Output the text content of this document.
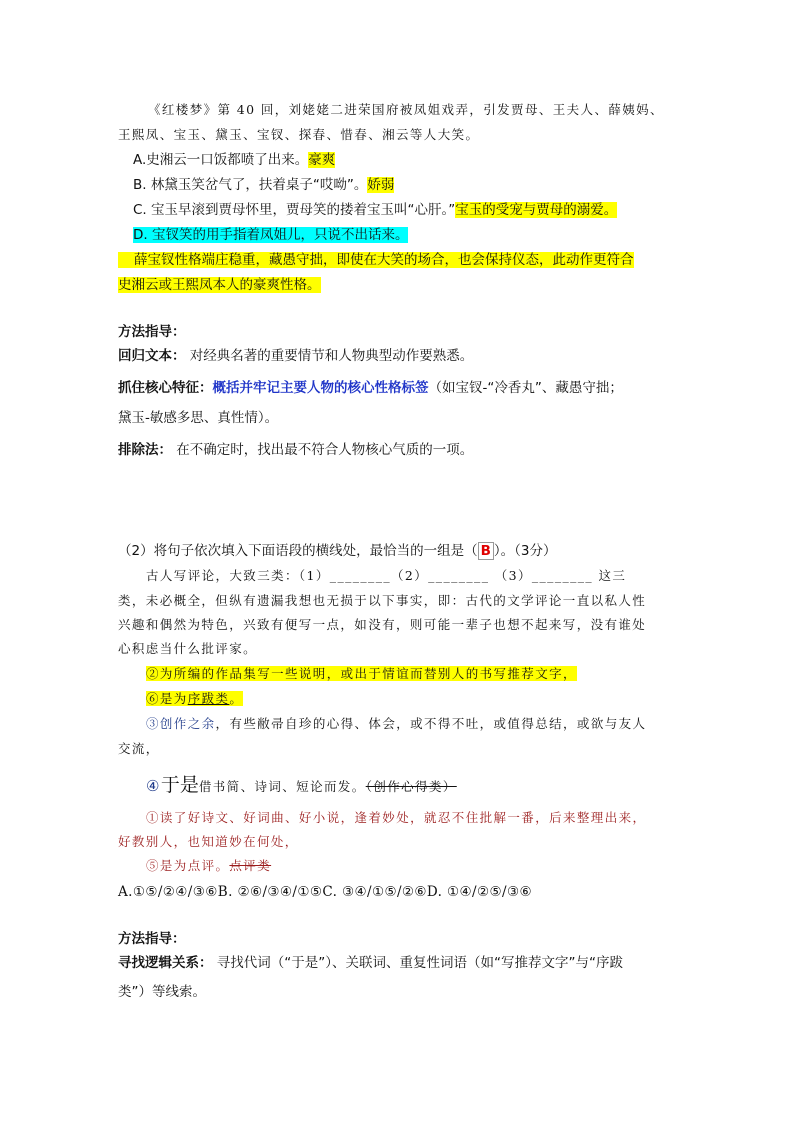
《红楼梦》第 40 回，刘姥姥二进荣国府被凤姐戏弄，引发贾母、王夫人、薛姨妈、
王熙凤、宝玉、黛玉、宝钗、探春、惜春、湘云等人大笑。
A.史湘云一口饭都喷了出来。豪爽
B. 林黛玉笑岔气了，扶着桌子“哎呦”。娇弱
C. 宝玉早滚到贾母怀里，贾母笑的搂着宝玉叫“心肝。”宝玉的受宠与贾母的溺爱。
D. 宝钗笑的用手指着凤姐儿，只说不出话来。
薛宝钗性格端庄稳重，藏愚守拙，即使在大笑的场合，也会保持仪态，此动作更符合
史湘云或王熙凤本人的豪爽性格。
方法指导：
回归文本： 对经典名著的重要情节和人物典型动作要熟悉。
抓住核心特征：概括并牢记主要人物的核心性格标签（如宝钗-“冷香丸”、藏愚守拙；
黛玉-敏感多思、真性情）。
排除法： 在不确定时，找出最不符合人物核心气质的一项。
（2）将句子依次填入下面语段的横线处，最恰当的一组是（ B ）。（3分）
古人写评论，大致三类：（1）________（2）________ （3）________ 这三
类，未必概全，但纵有遗漏我想也无损于以下事实，即：古代的文学评论一直以私人性
兴趣和偶然为特色，兴致有便写一点，如没有，则可能一辈子也想不起来写，没有谁处
心积虑当什么批评家。
②为所编的作品集写一些说明，或出于情谊而替别人的书写推荐文字，
⑥是为序跋类。
③创作之余，有些敝帚自珍的心得、体会，或不得不吐，或值得总结，或欲与友人
交流，
④于是借书简、诗词、短论而发。（创作心得类）
①读了好诗文、好词曲、好小说，逢着妙处，就忍不住批解一番，后来整理出来，
好教别人，也知道妙在何处，
⑤是为点评。点评类
A.①⑤/②④/③⑥B. ②⑥/③④/①⑤C. ③④/①⑤/②⑥D. ①④/②⑤/③⑥
方法指导：
寻找逻辑关系： 寻找代词（“于是”）、关联词、重复性词语（如“写推荐文字”与“序跋
类”）等线索。
